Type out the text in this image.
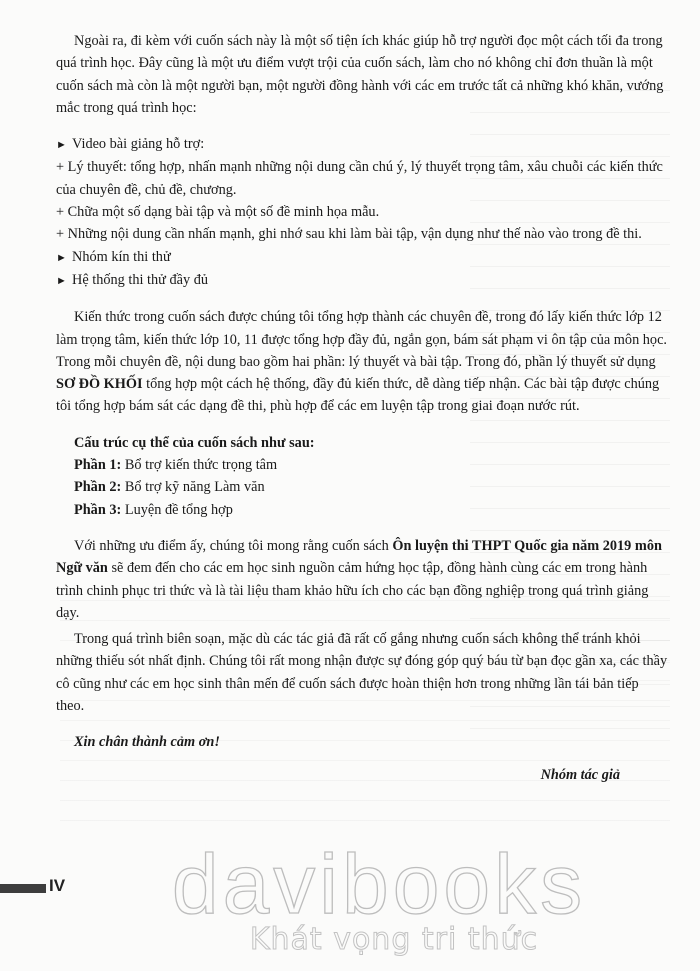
Ngoài ra, đi kèm với cuốn sách này là một số tiện ích khác giúp hỗ trợ người đọc một cách tối đa trong quá trình học. Đây cũng là một ưu điểm vượt trội của cuốn sách, làm cho nó không chỉ đơn thuần là một cuốn sách mà còn là một người bạn, một người đồng hành với các em trước tất cả những khó khăn, vướng mắc trong quá trình học:

► Video bài giảng hỗ trợ:

+ Lý thuyết: tổng hợp, nhấn mạnh những nội dung cần chú ý, lý thuyết trọng tâm, xâu chuỗi các kiến thức của chuyên đề, chủ đề, chương.

+ Chữa một số dạng bài tập và một số đề minh họa mẫu.

+ Những nội dung cần nhấn mạnh, ghi nhớ sau khi làm bài tập, vận dụng như thế nào vào trong đề thi.

► Nhóm kín thi thử

► Hệ thống thi thử đầy đủ

Kiến thức trong cuốn sách được chúng tôi tổng hợp thành các chuyên đề, trong đó lấy kiến thức lớp 12 làm trọng tâm, kiến thức lớp 10, 11 được tổng hợp đầy đủ, ngắn gọn, bám sát phạm vi ôn tập của môn học. Trong mỗi chuyên đề, nội dung bao gồm hai phần: lý thuyết và bài tập. Trong đó, phần lý thuyết sử dụng SƠ ĐỒ KHỐI tổng hợp một cách hệ thống, đầy đủ kiến thức, dễ dàng tiếp nhận. Các bài tập được chúng tôi tổng hợp bám sát các dạng đề thi, phù hợp để các em luyện tập trong giai đoạn nước rút.

Cấu trúc cụ thể của cuốn sách như sau:

Phần 1: Bổ trợ kiến thức trọng tâm

Phần 2: Bổ trợ kỹ năng Làm văn

Phần 3: Luyện đề tổng hợp

Với những ưu điểm ấy, chúng tôi mong rằng cuốn sách Ôn luyện thi THPT Quốc gia năm 2019 môn Ngữ văn sẽ đem đến cho các em học sinh nguồn cảm hứng học tập, đồng hành cùng các em trong hành trình chinh phục tri thức và là tài liệu tham khảo hữu ích cho các bạn đồng nghiệp trong quá trình giảng dạy.

Trong quá trình biên soạn, mặc dù các tác giả đã rất cố gắng nhưng cuốn sách không thể tránh khỏi những thiếu sót nhất định. Chúng tôi rất mong nhận được sự đóng góp quý báu từ bạn đọc gần xa, các thầy cô cũng như các em học sinh thân mến để cuốn sách được hoàn thiện hơn trong những lần tái bản tiếp theo.

Xin chân thành cảm ơn!

Nhóm tác giả

IV	davibooks
Khát vọng tri thức
